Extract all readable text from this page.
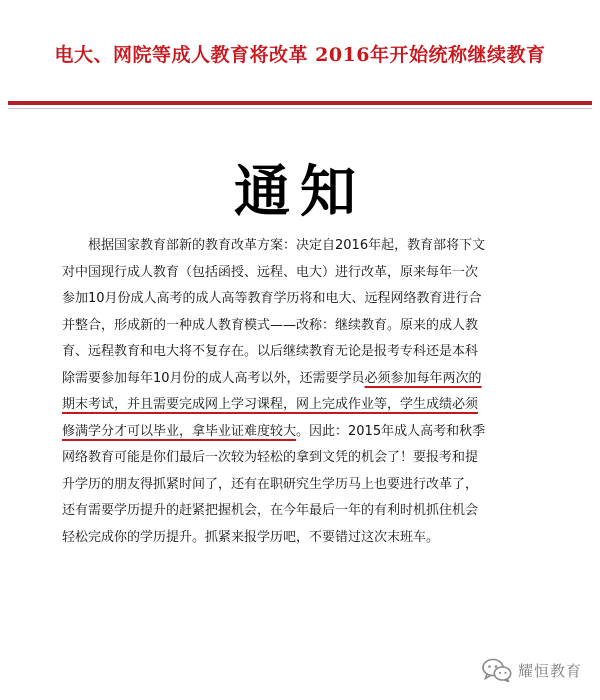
电大、网院等成人教育将改革 2016年开始统称继续教育
通知
　　根据国家教育部新的教育改革方案：决定自2016年起，教育部将下文
对中国现行成人教育（包括函授、远程、电大）进行改革，原来每年一次
参加10月份成人高考的成人高等教育学历将和电大、远程网络教育进行合
并整合，形成新的一种成人教育模式——改称：继续教育。原来的成人教
育、远程教育和电大将不复存在。以后继续教育无论是报考专科还是本科
除需要参加每年10月份的成人高考以外，还需要学员必须参加每年两次的
期末考试，并且需要完成网上学习课程，网上完成作业等，学生成绩必须
修满学分才可以毕业，拿毕业证难度较大。因此：2015年成人高考和秋季
网络教育可能是你们最后一次较为轻松的拿到文凭的机会了！要报考和提
升学历的朋友得抓紧时间了，还有在职研究生学历马上也要进行改革了，
还有需要学历提升的赶紧把握机会，在今年最后一年的有利时机抓住机会
轻松完成你的学历提升。抓紧来报学历吧，不要错过这次末班车。
耀恒教育
